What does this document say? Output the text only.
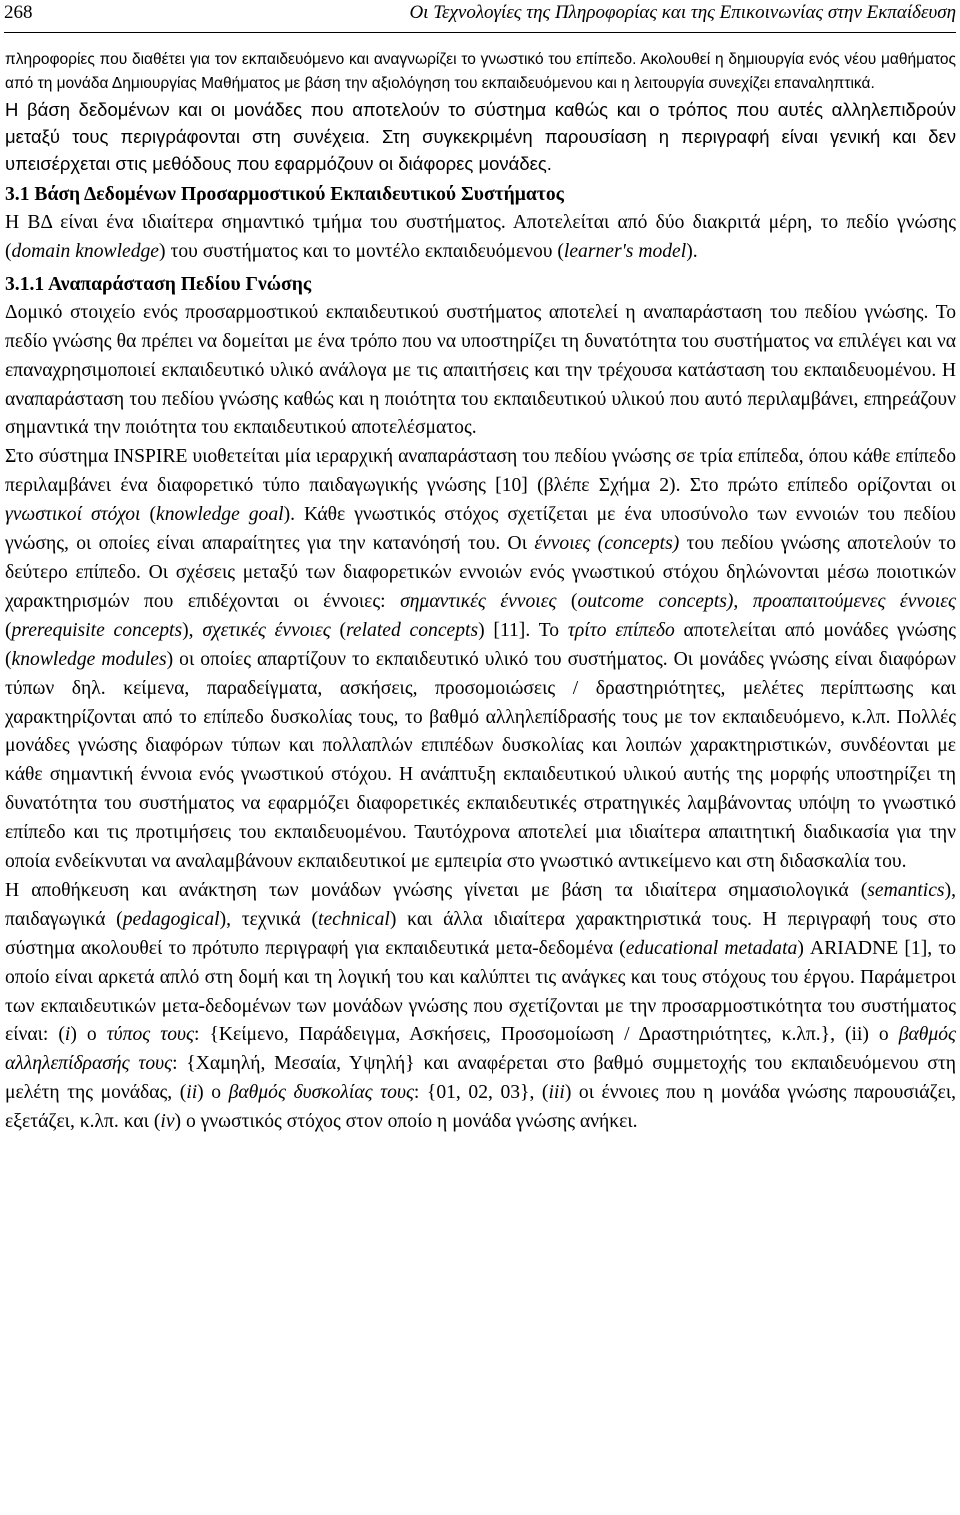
268	Οι Τεχνολογίες της Πληροφορίας και της Επικοινωνίας στην Εκπαίδευση

πληροφορίες που διαθέτει για τον εκπαιδευόμενο και αναγνωρίζει το γνωστικό του επίπεδο. Ακολουθεί η δημιουργία ενός νέου μαθήματος από τη μονάδα Δημιουργίας Μαθήματος με βάση την αξιολόγηση του εκπαιδευόμενου και η λειτουργία συνεχίζει επαναληπτικά.

Η βάση δεδομένων και οι μονάδες που αποτελούν το σύστημα καθώς και ο τρόπος που αυτές αλληλεπιδρούν μεταξύ τους περιγράφονται στη συνέχεια. Στη συγκεκριμένη παρουσίαση η περιγραφή είναι γενική και δεν υπεισέρχεται στις μεθόδους που εφαρμόζουν οι διάφορες μονάδες.

3.1 Βάση Δεδομένων Προσαρμοστικού Εκπαιδευτικού Συστήματος

Η ΒΔ είναι ένα ιδιαίτερα σημαντικό τμήμα του συστήματος. Αποτελείται από δύο διακριτά μέρη, το πεδίο γνώσης (domain knowledge) του συστήματος και το μοντέλο εκπαιδευόμενου (learner's model).

3.1.1 Αναπαράσταση Πεδίου Γνώσης

Δομικό στοιχείο ενός προσαρμοστικού εκπαιδευτικού συστήματος αποτελεί η αναπαράσταση του πεδίου γνώσης. Το πεδίο γνώσης θα πρέπει να δομείται με ένα τρόπο που να υποστηρίζει τη δυνατότητα του συστήματος να επιλέγει και να επαναχρησιμοποιεί εκπαιδευτικό υλικό ανάλογα με τις απαιτήσεις και την τρέχουσα κατάσταση του εκπαιδευομένου. Η αναπαράσταση του πεδίου γνώσης καθώς και η ποιότητα του εκπαιδευτικού υλικού που αυτό περιλαμβάνει, επηρεάζουν σημαντικά την ποιότητα του εκπαιδευτικού αποτελέσματος.

Στο σύστημα INSPIRE υιοθετείται μία ιεραρχική αναπαράσταση του πεδίου γνώσης σε τρία επίπεδα, όπου κάθε επίπεδο περιλαμβάνει ένα διαφορετικό τύπο παιδαγωγικής γνώσης [10] (βλέπε Σχήμα 2). Στο πρώτο επίπεδο ορίζονται οι γνωστικοί στόχοι (knowledge goal). Κάθε γνωστικός στόχος σχετίζεται με ένα υποσύνολο των εννοιών του πεδίου γνώσης, οι οποίες είναι απαραίτητες για την κατανόησή του. Οι έννοιες (concepts) του πεδίου γνώσης αποτελούν το δεύτερο επίπεδο. Οι σχέσεις μεταξύ των διαφορετικών εννοιών ενός γνωστικού στόχου δηλώνονται μέσω ποιοτικών χαρακτηρισμών που επιδέχονται οι έννοιες: σημαντικές έννοιες (outcome concepts), προαπαιτούμενες έννοιες (prerequisite concepts), σχετικές έννοιες (related concepts) [11]. Το τρίτο επίπεδο αποτελείται από μονάδες γνώσης (knowledge modules) οι οποίες απαρτίζουν το εκπαιδευτικό υλικό του συστήματος. Οι μονάδες γνώσης είναι διαφόρων τύπων δηλ. κείμενα, παραδείγματα, ασκήσεις, προσομοιώσεις / δραστηριότητες, μελέτες περίπτωσης και χαρακτηρίζονται από το επίπεδο δυσκολίας τους, το βαθμό αλληλεπίδρασής τους με τον εκπαιδευόμενο, κ.λπ. Πολλές μονάδες γνώσης διαφόρων τύπων και πολλαπλών επιπέδων δυσκολίας και λοιπών χαρακτηριστικών, συνδέονται με κάθε σημαντική έννοια ενός γνωστικού στόχου. Η ανάπτυξη εκπαιδευτικού υλικού αυτής της μορφής υποστηρίζει τη δυνατότητα του συστήματος να εφαρμόζει διαφορετικές εκπαιδευτικές στρατηγικές λαμβάνοντας υπόψη το γνωστικό επίπεδο και τις προτιμήσεις του εκπαιδευομένου. Ταυτόχρονα αποτελεί μια ιδιαίτερα απαιτητική διαδικασία για την οποία ενδείκνυται να αναλαμβάνουν εκπαιδευτικοί με εμπειρία στο γνωστικό αντικείμενο και στη διδασκαλία του.

Η αποθήκευση και ανάκτηση των μονάδων γνώσης γίνεται με βάση τα ιδιαίτερα σημασιολογικά (semantics), παιδαγωγικά (pedagogical), τεχνικά (technical) και άλλα ιδιαίτερα χαρακτηριστικά τους. Η περιγραφή τους στο σύστημα ακολουθεί το πρότυπο περιγραφή για εκπαιδευτικά μετα-δεδομένα (educational metadata) ARIADNE [1], το οποίο είναι αρκετά απλό στη δομή και τη λογική του και καλύπτει τις ανάγκες και τους στόχους του έργου. Παράμετροι των εκπαιδευτικών μετα-δεδομένων των μονάδων γνώσης που σχετίζονται με την προσαρμοστικότητα του συστήματος είναι: (i) ο τύπος τους: {Κείμενο, Παράδειγμα, Ασκήσεις, Προσομοίωση / Δραστηριότητες, κ.λπ.}, (ii) ο βαθμός αλληλεπίδρασής τους: {Χαμηλή, Μεσαία, Υψηλή} και αναφέρεται στο βαθμό συμμετοχής του εκπαιδευόμενου στη μελέτη της μονάδας, (ii) ο βαθμός δυσκολίας τους: {01, 02, 03}, (iii) οι έννοιες που η μονάδα γνώσης παρουσιάζει, εξετάζει, κ.λπ. και (iv) ο γνωστικός στόχος στον οποίο η μονάδα γνώσης ανήκει.
